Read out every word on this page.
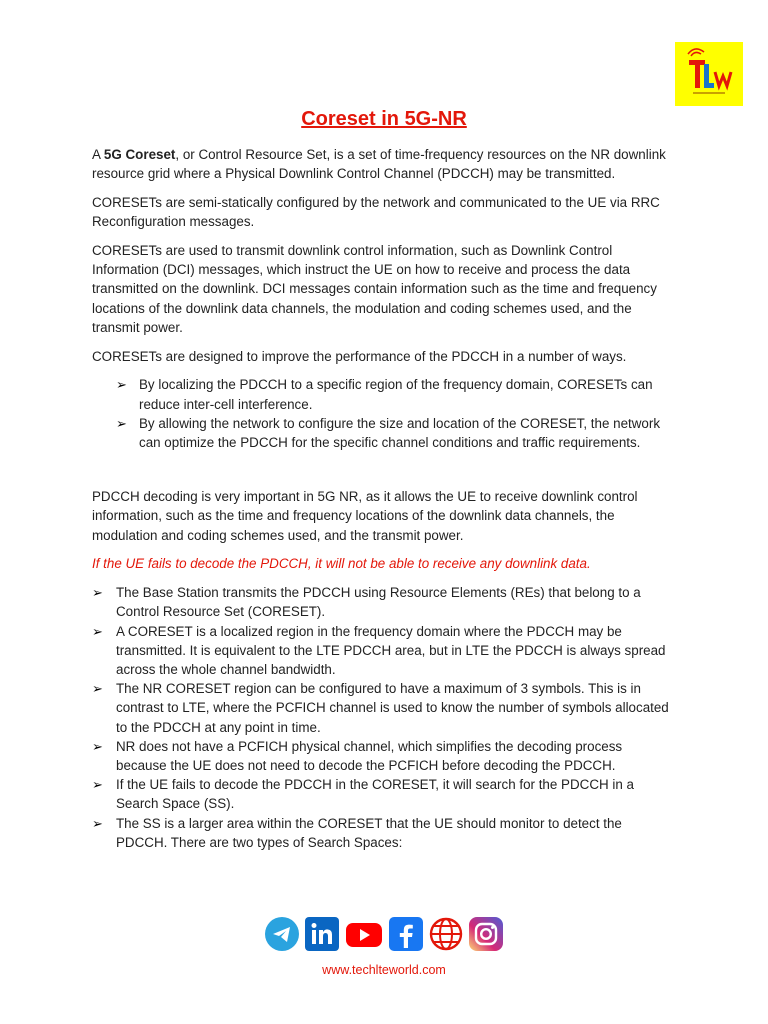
Coreset in 5G-NR

A 5G Coreset, or Control Resource Set, is a set of time-frequency resources on the NR downlink resource grid where a Physical Downlink Control Channel (PDCCH) may be transmitted.

CORESETs are semi-statically configured by the network and communicated to the UE via RRC Reconfiguration messages.

CORESETs are used to transmit downlink control information, such as Downlink Control Information (DCI) messages, which instruct the UE on how to receive and process the data transmitted on the downlink. DCI messages contain information such as the time and frequency locations of the downlink data channels, the modulation and coding schemes used, and the transmit power.

CORESETs are designed to improve the performance of the PDCCH in a number of ways.

➢ By localizing the PDCCH to a specific region of the frequency domain, CORESETs can reduce inter-cell interference.
➢ By allowing the network to configure the size and location of the CORESET, the network can optimize the PDCCH for the specific channel conditions and traffic requirements.

PDCCH decoding is very important in 5G NR, as it allows the UE to receive downlink control information, such as the time and frequency locations of the downlink data channels, the modulation and coding schemes used, and the transmit power.

If the UE fails to decode the PDCCH, it will not be able to receive any downlink data.

➢ The Base Station transmits the PDCCH using Resource Elements (REs) that belong to a Control Resource Set (CORESET).
➢ A CORESET is a localized region in the frequency domain where the PDCCH may be transmitted. It is equivalent to the LTE PDCCH area, but in LTE the PDCCH is always spread across the whole channel bandwidth.
➢ The NR CORESET region can be configured to have a maximum of 3 symbols. This is in contrast to LTE, where the PCFICH channel is used to know the number of symbols allocated to the PDCCH at any point in time.
➢ NR does not have a PCFICH physical channel, which simplifies the decoding process because the UE does not need to decode the PCFICH before decoding the PDCCH.
➢ If the UE fails to decode the PDCCH in the CORESET, it will search for the PDCCH in a Search Space (SS).
➢ The SS is a larger area within the CORESET that the UE should monitor to detect the PDCCH. There are two types of Search Spaces:
www.techlteworld.com
